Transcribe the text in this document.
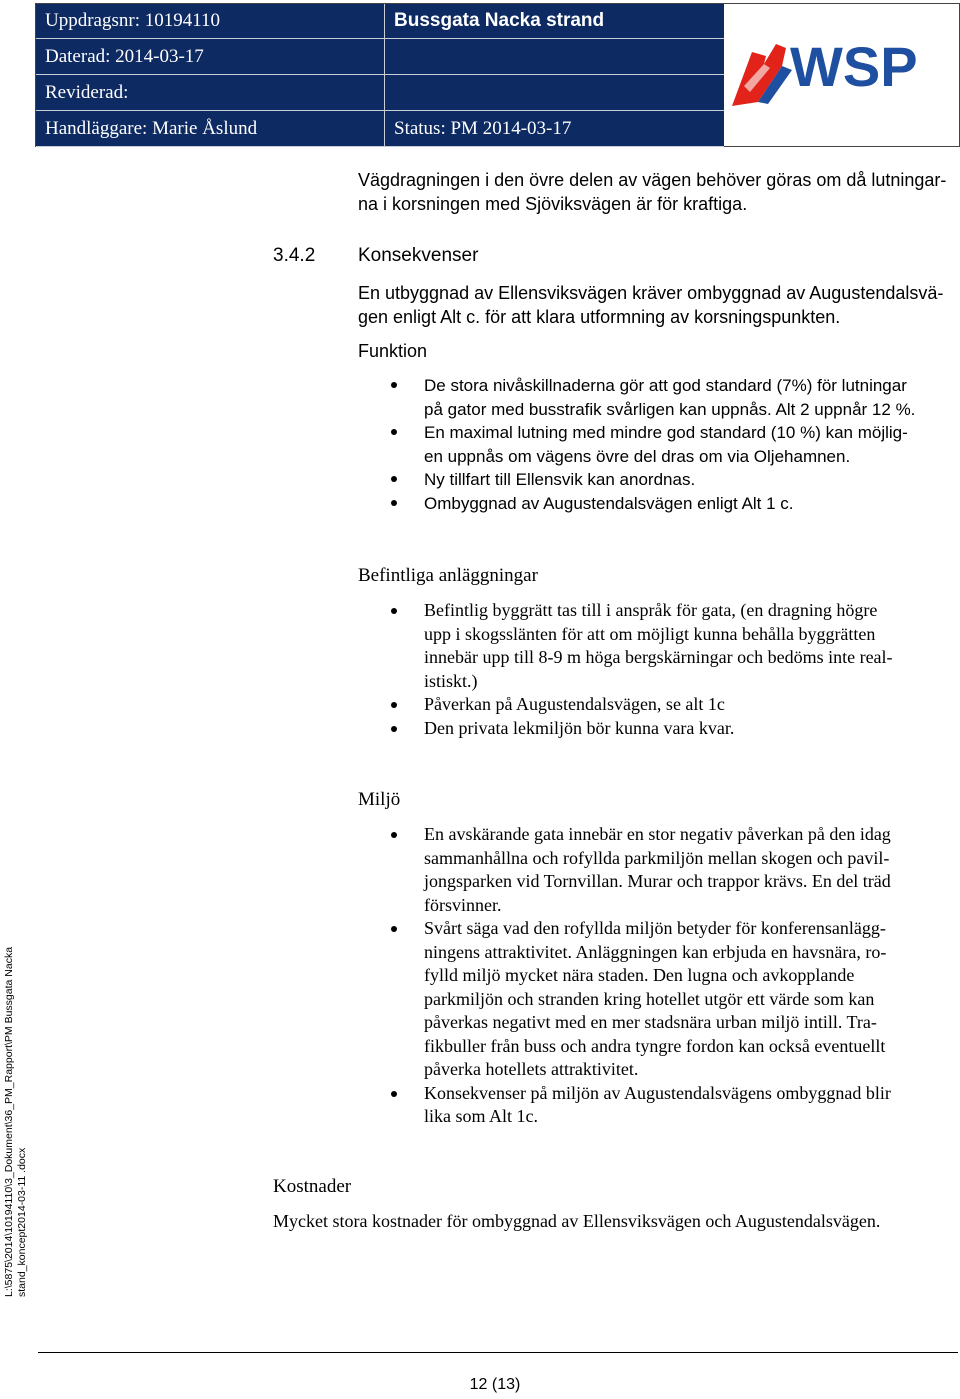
Uppdragsnr: 10194110	Bussgata Nacka strand
Daterad: 2014-03-17
Reviderad:
Handläggare: Marie Åslund	Status: PM 2014-03-17
WSP
Vägdragningen i den övre delen av vägen behöver göras om då lutningar-
na i korsningen med Sjöviksvägen är för kraftiga.
3.4.2 Konsekvenser
En utbyggnad av Ellensviksvägen kräver ombyggnad av Augustendalsvä-
gen enligt Alt c. för att klara utformning av korsningspunkten.
Funktion
De stora nivåskillnaderna gör att god standard (7%) för lutningar
på gator med busstrafik svårligen kan uppnås. Alt 2 uppnår 12 %.
En maximal lutning med mindre god standard (10 %) kan möjlig-
en uppnås om vägens övre del dras om via Oljehamnen.
Ny tillfart till Ellensvik kan anordnas.
Ombyggnad av Augustendalsvägen enligt Alt 1 c.
Befintliga anläggningar
Befintlig byggrätt tas till i anspråk för gata, (en dragning högre
upp i skogsslänten för att om möjligt kunna behålla byggrätten
innebär upp till 8-9 m höga bergskärningar och bedöms inte real-
istiskt.)
Påverkan på Augustendalsvägen, se alt 1c
Den privata lekmiljön bör kunna vara kvar.
Miljö
En avskärande gata innebär en stor negativ påverkan på den idag
sammanhållna och rofyllda parkmiljön mellan skogen och pavil-
jongsparken vid Tornvillan. Murar och trappor krävs. En del träd
försvinner.
Svårt säga vad den rofyllda miljön betyder för konferensanlägg-
ningens attraktivitet. Anläggningen kan erbjuda en havsnära, ro-
fylld miljö mycket nära staden. Den lugna och avkopplande
parkmiljön och stranden kring hotellet utgör ett värde som kan
påverkas negativt med en mer stadsnära urban miljö intill. Tra-
fikbuller från buss och andra tyngre fordon kan också eventuellt
påverka hotellets attraktivitet.
Konsekvenser på miljön av Augustendalsvägens ombyggnad blir
lika som Alt 1c.
Kostnader
Mycket stora kostnader för ombyggnad av Ellensviksvägen och Augustendalsvägen.
L:\5875\2014\10194110\3_Dokument\36_PM_Rapport\PM Bussgata Nacka stand_koncept2014-03-11 .docx
12 (13)
